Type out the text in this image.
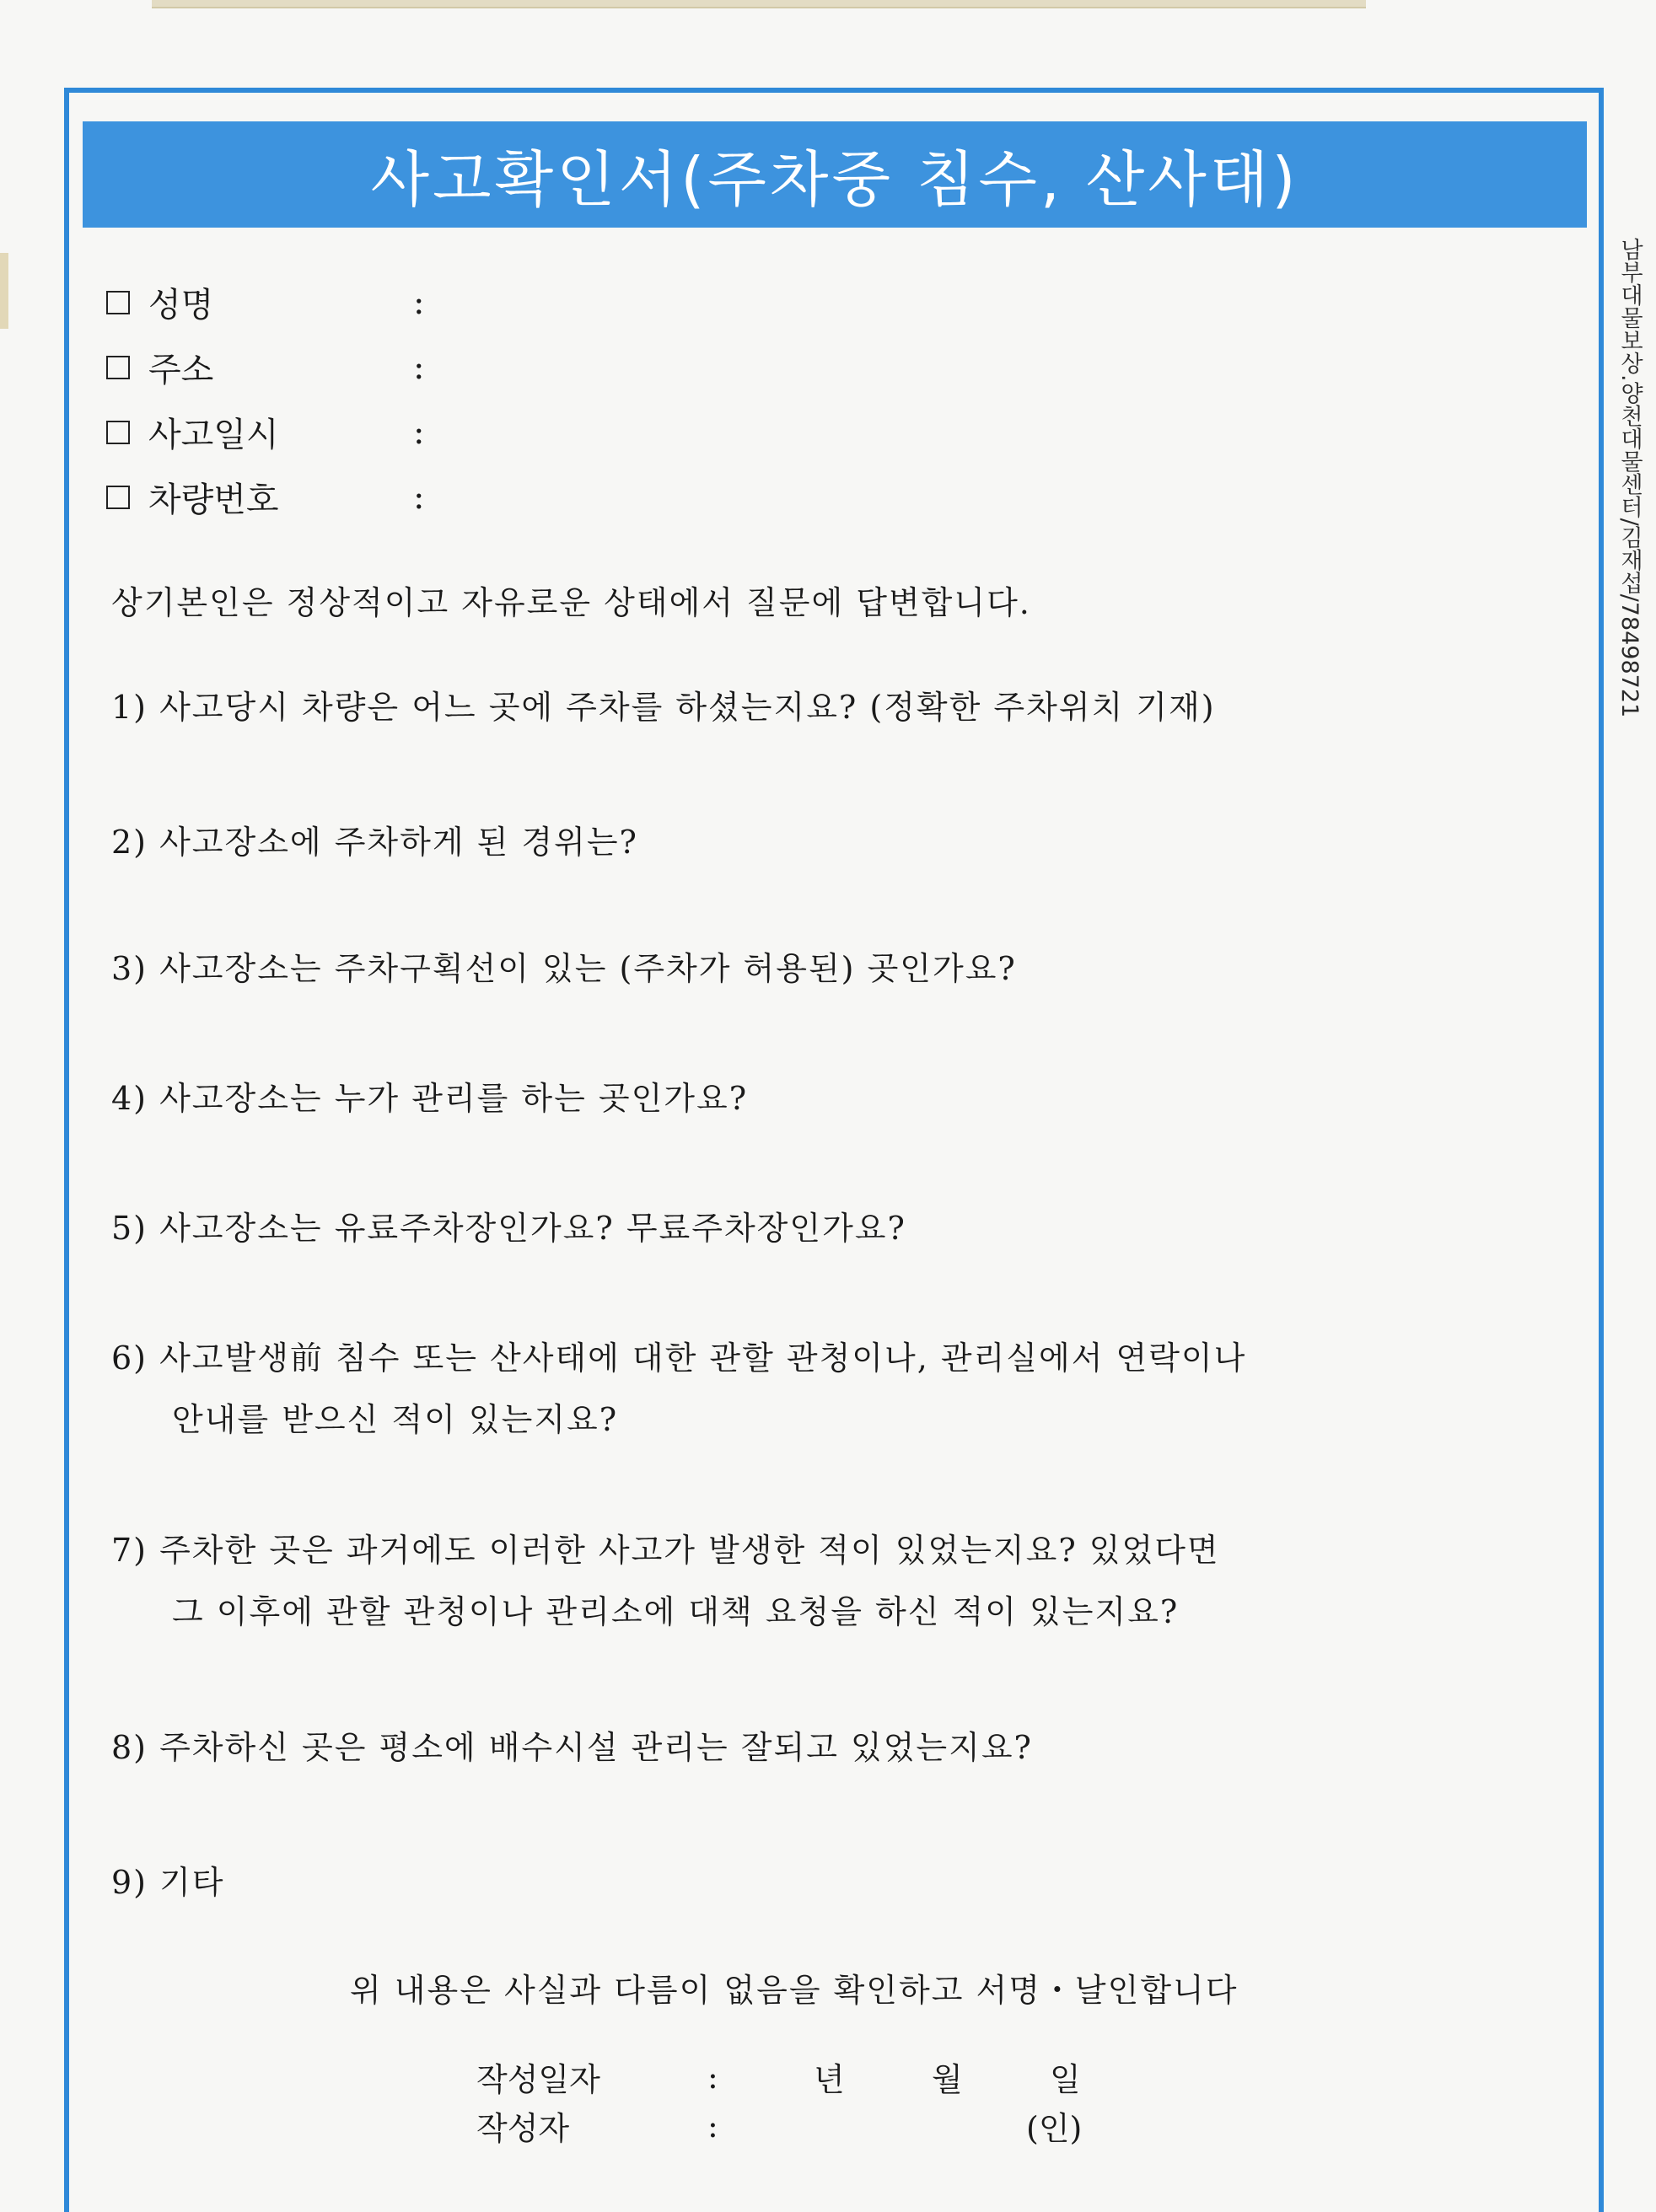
사고확인서(주차중 침수, 산사태)
남부대물보상.양천대물센터/김재섭/78498721
성명	:
주소	:
사고일시	:
차량번호	:
상기본인은 정상적이고 자유로운 상태에서 질문에 답변합니다.
1) 사고당시 차량은 어느 곳에 주차를 하셨는지요? (정확한 주차위치 기재)
2) 사고장소에 주차하게 된 경위는?
3) 사고장소는 주차구획선이 있는 (주차가 허용된) 곳인가요?
4) 사고장소는 누가 관리를 하는 곳인가요?
5) 사고장소는 유료주차장인가요? 무료주차장인가요?
6) 사고발생前 침수 또는 산사태에 대한 관할 관청이나, 관리실에서 연락이나
안내를 받으신 적이 있는지요?
7) 주차한 곳은 과거에도 이러한 사고가 발생한 적이 있었는지요? 있었다면
그 이후에 관할 관청이나 관리소에 대책 요청을 하신 적이 있는지요?
8) 주차하신 곳은 평소에 배수시설 관리는 잘되고 있었는지요?
9) 기타
위 내용은 사실과 다름이 없음을 확인하고 서명・날인합니다
작성일자	:	년	월	일
작성자	:	(인)
